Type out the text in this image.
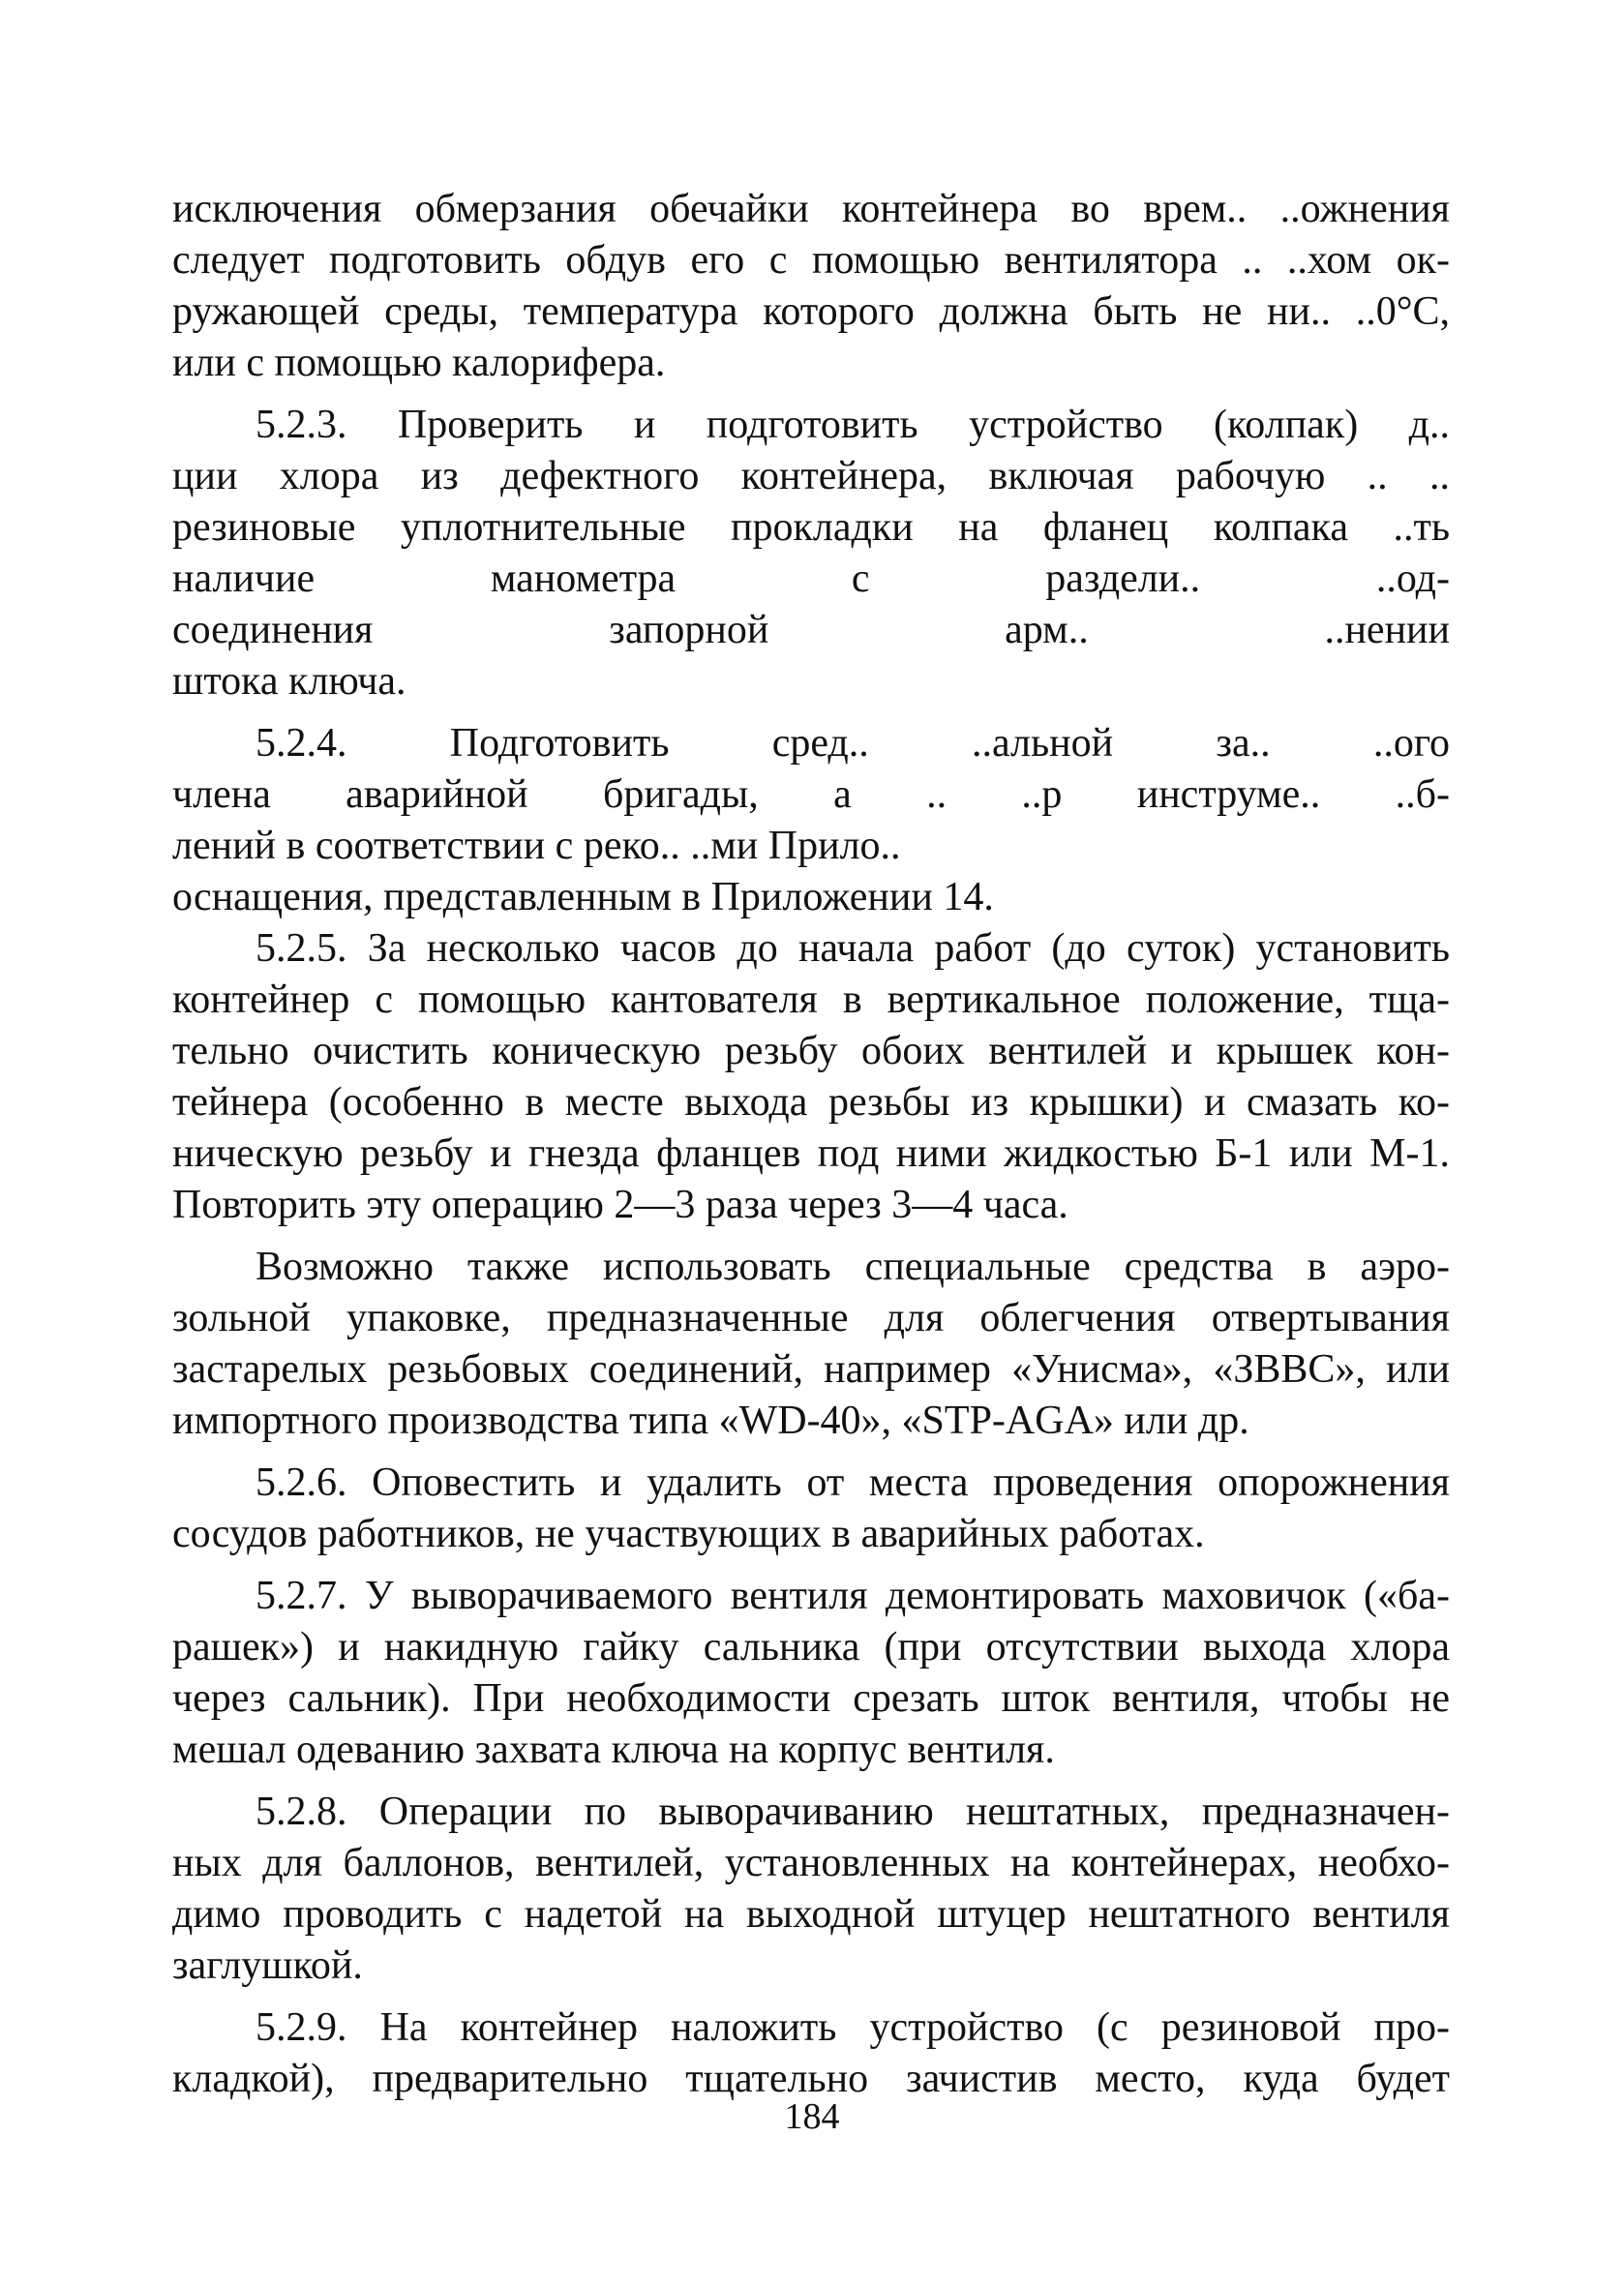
исключения обмерзания обечайки контейнера во врем.. ..ожнения
следует подготовить обдув его с помощью вентилятора .. ..хом ок-
ружающей среды, температура которого должна быть не ни.. ..0°С,
или с помощью калорифера.
5.2.3. Проверить и подготовить устройство (колпак) д..
ции хлора из дефектного контейнера, включая рабочую .. ..
резиновые уплотнительные прокладки на фланец колпака ..ть
наличие манометра с раздели.. ..од-
соединения запорной арм.. ..нении
штока ключа.
5.2.4. Подготовить сред.. ..альной за.. ..ого
члена аварийной бригады, а .. ..р инструме.. ..б-
лений в соответствии с реко.. ..ми Прило..
оснащения, представленным в Приложении 14.
5.2.5. За несколько часов до начала работ (до суток) установить
контейнер с помощью кантователя в вертикальное положение, тща-
тельно очистить коническую резьбу обоих вентилей и крышек кон-
тейнера (особенно в месте выхода резьбы из крышки) и смазать ко-
ническую резьбу и гнезда фланцев под ними жидкостью Б-1 или М-1.
Повторить эту операцию 2—3 раза через 3—4 часа.
Возможно также использовать специальные средства в аэро-
зольной упаковке, предназначенные для облегчения отвертывания
застарелых резьбовых соединений, например «Унисма», «ЗВВС», или
импортного производства типа «WD-40», «STP-AGA» или др.
5.2.6. Оповестить и удалить от места проведения опорожнения
сосудов работников, не участвующих в аварийных работах.
5.2.7. У выворачиваемого вентиля демонтировать маховичок («ба-
рашек») и накидную гайку сальника (при отсутствии выхода хлора
через сальник). При необходимости срезать шток вентиля, чтобы не
мешал одеванию захвата ключа на корпус вентиля.
5.2.8. Операции по выворачиванию нештатных, предназначен-
ных для баллонов, вентилей, установленных на контейнерах, необхо-
димо проводить с надетой на выходной штуцер нештатного вентиля
заглушкой.
5.2.9. На контейнер наложить устройство (с резиновой про-
кладкой), предварительно тщательно зачистив место, куда будет
184
